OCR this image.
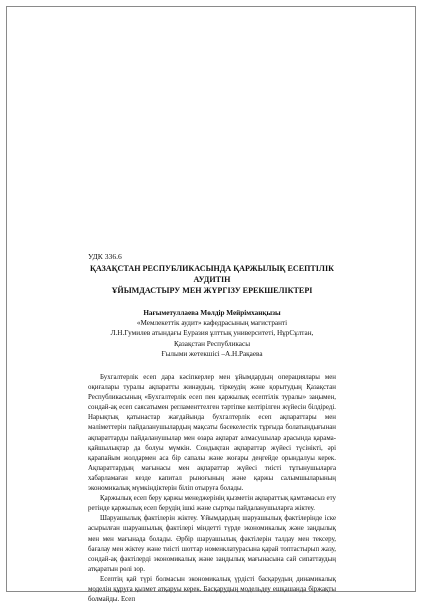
УДК 336.6
ҚАЗАҚСТАН РЕСПУБЛИКАСЫНДА ҚАРЖЫЛЫҚ ЕСЕПТІЛІК АУДИТІН
ҰЙЫМДАСТЫРУ МЕН ЖҮРГІЗУ ЕРЕКШЕЛІКТЕРІ
Нағыметуллаева Мөлдір Мейрімханқызы
«Мемлекеттік аудит» кафедрасының магистранті
Л.Н.Гумилев атындағы Еуразия ұлттық университеті, НұрСұлтан,
Қазақстан Республикасы
Ғылыми жетекшісі –А.Н.Рақаева

Бухгалтерлік есеп дара кәсіпкерлер мен ұйымдардың операциялары мен оқиғалары туралы ақпаратты жинаудың, тіркеудің және қорытудың Қазақстан Республикасының «Бухгалтерлік есеп пен қаржылық есептілік туралы» заңымен, сондай-ақ есеп саясатымен регламенттелген тәртіпке келтірілген жүйесін білдіреді. Нарықтық қатынастар жағдайында бухгалтерлік есеп ақпараттары мен мәліметтерін пайдаланушылардың мақсаты бәсекелестік тұрғыда болатындығынан ақпараттарды пайдаланушылар мен өзара ақпарат алмасушылар арасында қарама-қайшылықтар да болуы мүмкін. Сондықтан ақпараттар жүйесі түсінікті, әрі қарапайым жолдармен аса бір сапалы және жоғары деңгейде орындалуы керек. Ақпараттардың мағынасы мен ақпараттар жүйесі тиісті тұтынушыларға хабарламаған кезде капитал рыноғының және қаржы салымшыларының экономикалық мүмкіндіктерін біліп отыруға болады.

Қаржылық есеп беру қаржы менеджерінің қызметін ақпараттық қамтамасыз ету ретінде қаржылық есеп берудің ішкі және сыртқы пайдаланушыларға жіктеу.

Шаруашылық фактілерін жіктеу. Ұйымдардың шаруашылық фактілерінде іске асырылған шаруашылық фактілері міндетті түрде экономикалық және заңдылық мен мен мағынада болады. Әрбір шаруашылық фактілерін талдау мен тексеру, бағалау мен жіктеу және тиісті шоттар номенклатурасына қарай топтастырып жазу, сондай-ақ фактілерді экономикалық және заңдылық мағынасына сай сипаттаудың атқаратын рөлі зор.

Есептің қай түрі болмасын экономикалық үрдісті басқарудың динамикалық моделін құруға қызмет атқаруы керек. Басқарудың модельдеу ешқашанда біржақты болмайды. Есеп
